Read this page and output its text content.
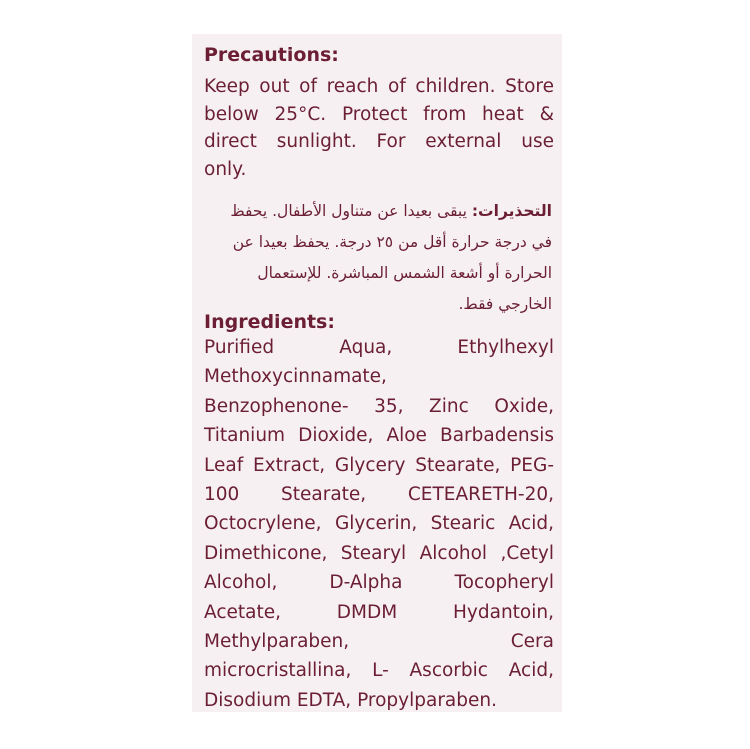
Precautions:
Keep out of reach of children. Store
below 25°C. Protect from heat &
direct sunlight. For external use
only.
التحذيرات: يبقى بعيدا عن متناول الأطفال. يحفظ
في درجة حرارة أقل من ٢٥ درجة. يحفظ بعيدا عن
الحرارة أو أشعة الشمس المباشرة. للإستعمال
الخارجي فقط.
Ingredients:
Purified Aqua, Ethylhexyl
Methoxycinnamate,
Benzophenone- 35, Zinc Oxide,
Titanium Dioxide, Aloe Barbadensis
Leaf Extract, Glycery Stearate, PEG-
100 Stearate, CETEARETH-20,
Octocrylene, Glycerin, Stearic Acid,
Dimethicone, Stearyl Alcohol ,Cetyl
Alcohol, D-Alpha Tocopheryl
Acetate, DMDM Hydantoin,
Methylparaben, Cera
microcristallina, L- Ascorbic Acid,
Disodium EDTA, Propylparaben.
